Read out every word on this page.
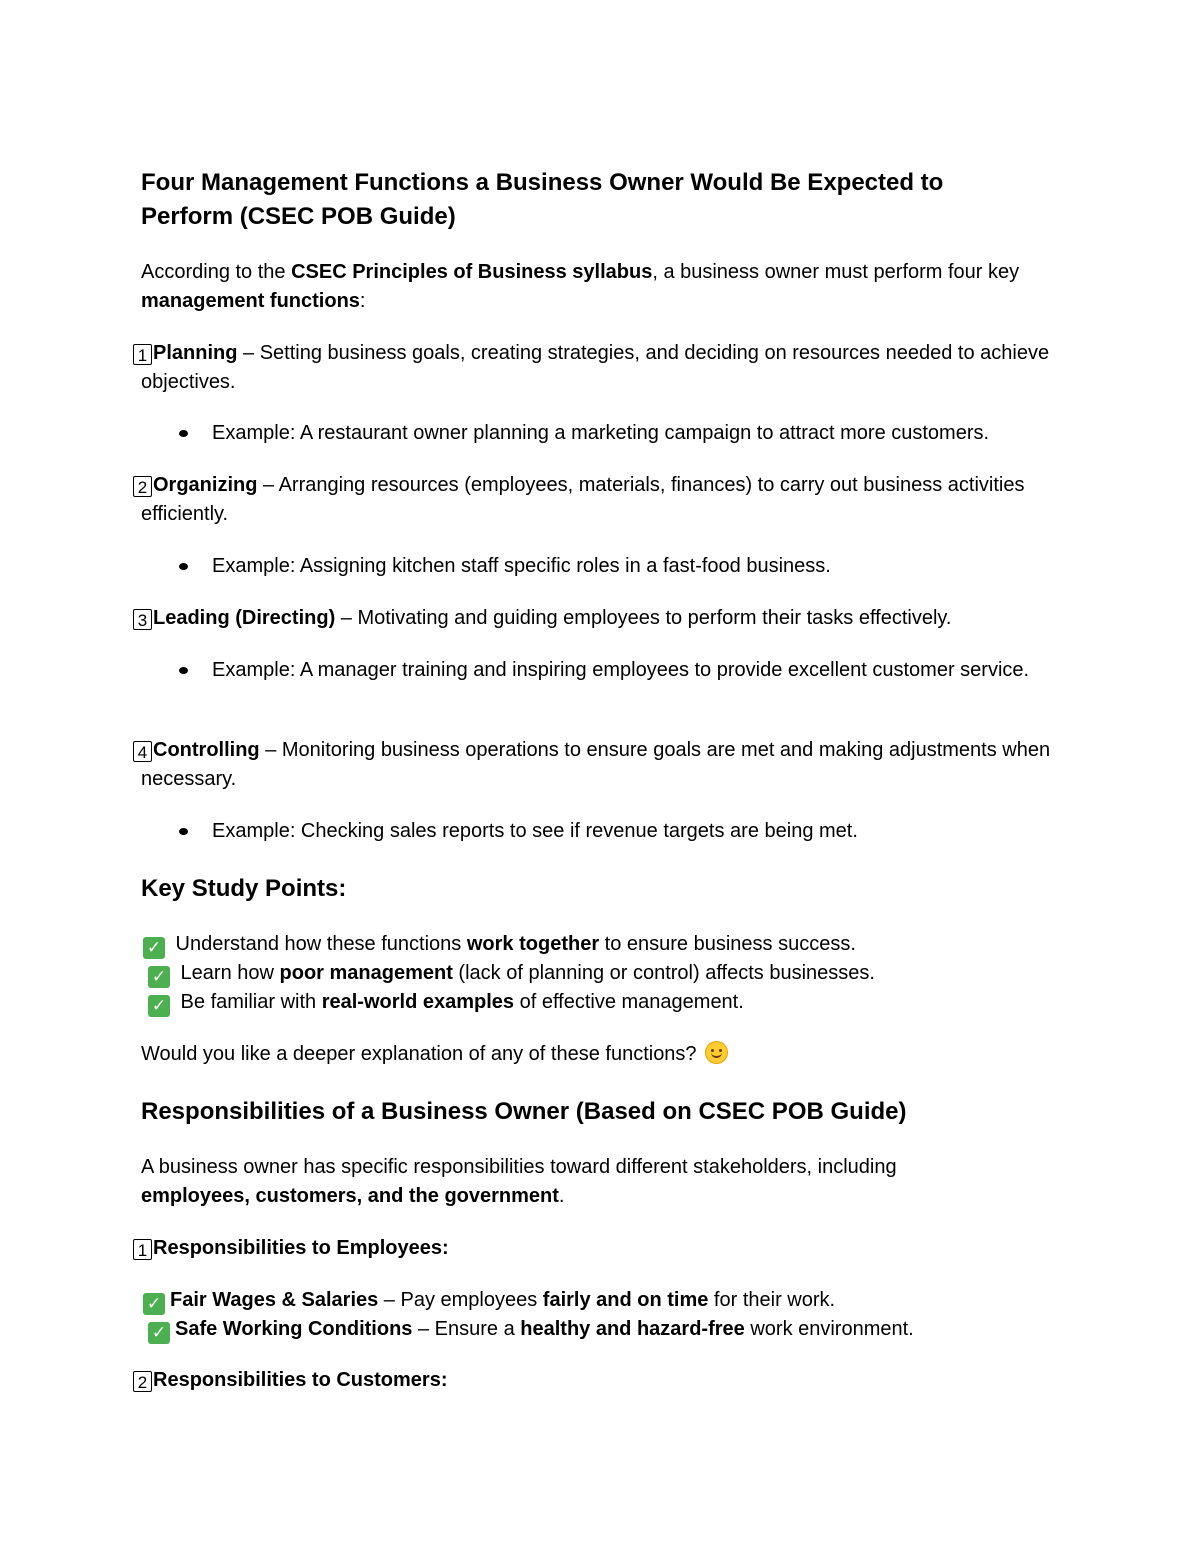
Four Management Functions a Business Owner Would Be Expected to Perform (CSEC POB Guide)

According to the CSEC Principles of Business syllabus, a business owner must perform four key management functions:

1 Planning – Setting business goals, creating strategies, and deciding on resources needed to achieve objectives.

Example: A restaurant owner planning a marketing campaign to attract more customers.

2 Organizing – Arranging resources (employees, materials, finances) to carry out business activities efficiently.

Example: Assigning kitchen staff specific roles in a fast-food business.

3 Leading (Directing) – Motivating and guiding employees to perform their tasks effectively.

Example: A manager training and inspiring employees to provide excellent customer service.

4 Controlling – Monitoring business operations to ensure goals are met and making adjustments when necessary.

Example: Checking sales reports to see if revenue targets are being met.
Key Study Points:
✓ Understand how these functions work together to ensure business success.
✓ Learn how poor management (lack of planning or control) affects businesses.
✓ Be familiar with real-world examples of effective management.

Would you like a deeper explanation of any of these functions?

Responsibilities of a Business Owner (Based on CSEC POB Guide)

A business owner has specific responsibilities toward different stakeholders, including employees, customers, and the government.

1 Responsibilities to Employees:

✓ Fair Wages & Salaries – Pay employees fairly and on time for their work.
✓ Safe Working Conditions – Ensure a healthy and hazard-free work environment.

2 Responsibilities to Customers:
